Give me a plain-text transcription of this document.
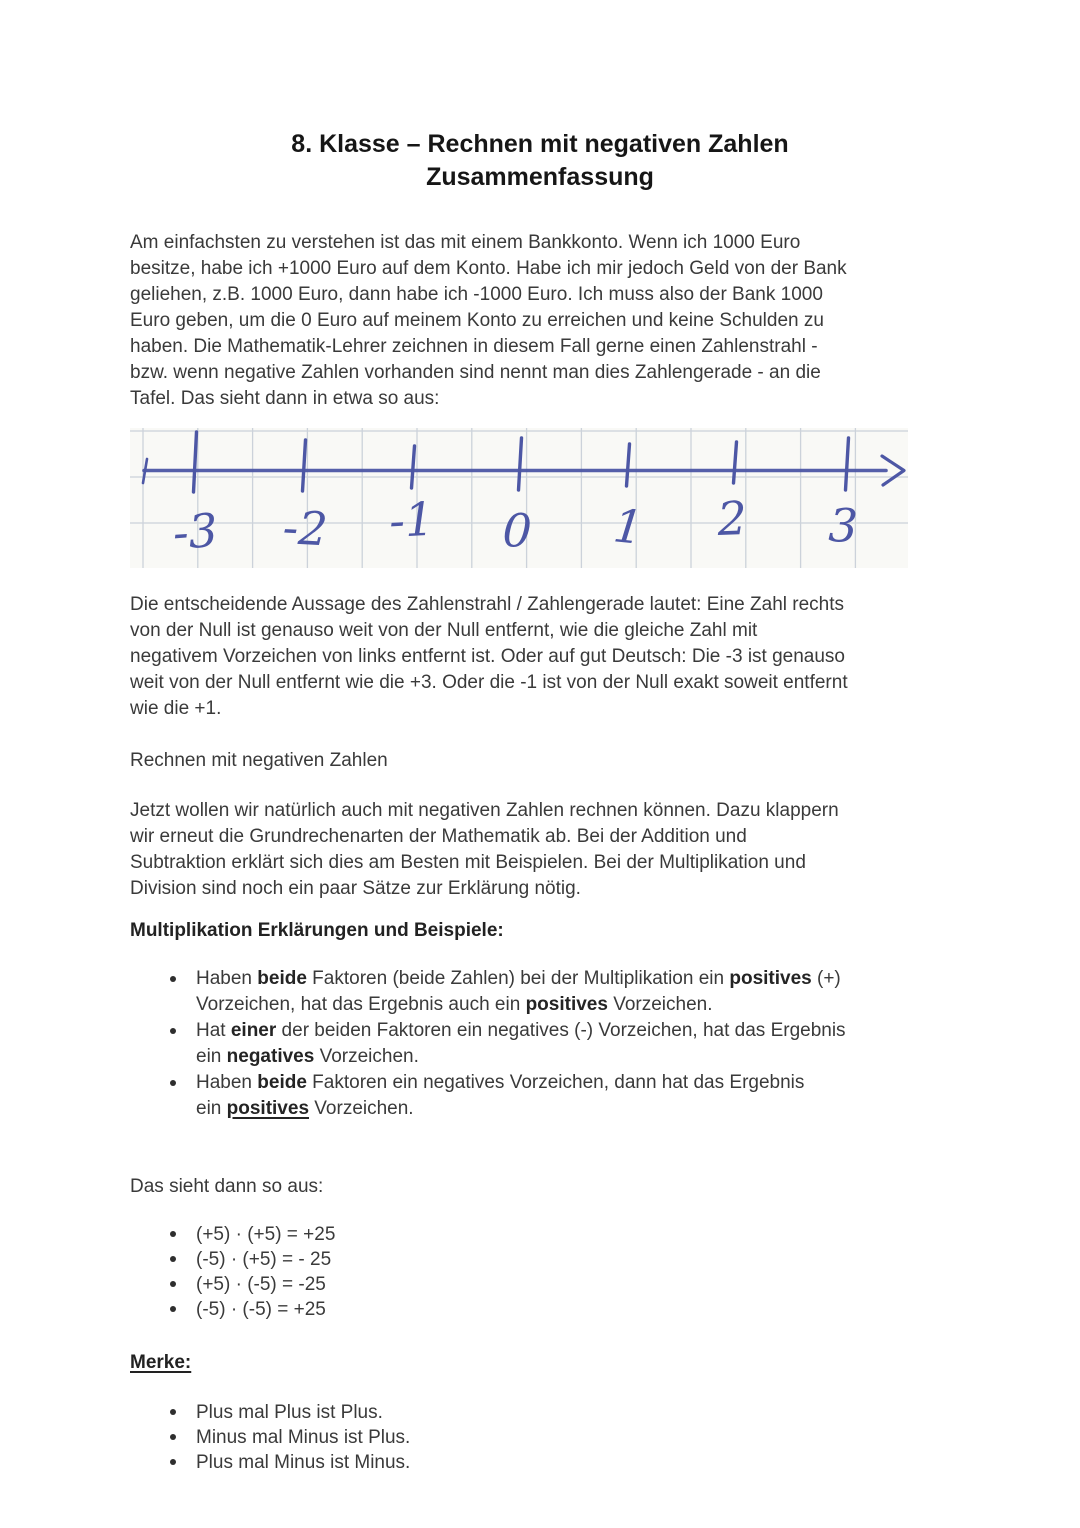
8. Klasse – Rechnen mit negativen Zahlen
Zusammenfassung

Am einfachsten zu verstehen ist das mit einem Bankkonto. Wenn ich 1000 Euro
besitze, habe ich +1000 Euro auf dem Konto. Habe ich mir jedoch Geld von der Bank
geliehen, z.B. 1000 Euro, dann habe ich -1000 Euro. Ich muss also der Bank 1000
Euro geben, um die 0 Euro auf meinem Konto zu erreichen und keine Schulden zu
haben. Die Mathematik-Lehrer zeichnen in diesem Fall gerne einen Zahlenstrahl -
bzw. wenn negative Zahlen vorhanden sind nennt man dies Zahlengerade - an die
Tafel. Das sieht dann in etwa so aus:

-3 -2 -1 0 1 2 3

Die entscheidende Aussage des Zahlenstrahl / Zahlengerade lautet: Eine Zahl rechts
von der Null ist genauso weit von der Null entfernt, wie die gleiche Zahl mit
negativem Vorzeichen von links entfernt ist. Oder auf gut Deutsch: Die -3 ist genauso
weit von der Null entfernt wie die +3. Oder die -1 ist von der Null exakt soweit entfernt
wie die +1.

Rechnen mit negativen Zahlen

Jetzt wollen wir natürlich auch mit negativen Zahlen rechnen können. Dazu klappern
wir erneut die Grundrechenarten der Mathematik ab. Bei der Addition und
Subtraktion erklärt sich dies am Besten mit Beispielen. Bei der Multiplikation und
Division sind noch ein paar Sätze zur Erklärung nötig.

Multiplikation Erklärungen und Beispiele:

Haben beide Faktoren (beide Zahlen) bei der Multiplikation ein positives (+)
Vorzeichen, hat das Ergebnis auch ein positives Vorzeichen.
Hat einer der beiden Faktoren ein negatives (-) Vorzeichen, hat das Ergebnis
ein negatives Vorzeichen.
Haben beide Faktoren ein negatives Vorzeichen, dann hat das Ergebnis
ein positives Vorzeichen.

Das sieht dann so aus:

(+5) · (+5) = +25
(-5) · (+5) = - 25
(+5) · (-5) = -25
(-5) · (-5) = +25
Merke:
Plus mal Plus ist Plus.
Minus mal Minus ist Plus.
Plus mal Minus ist Minus.
